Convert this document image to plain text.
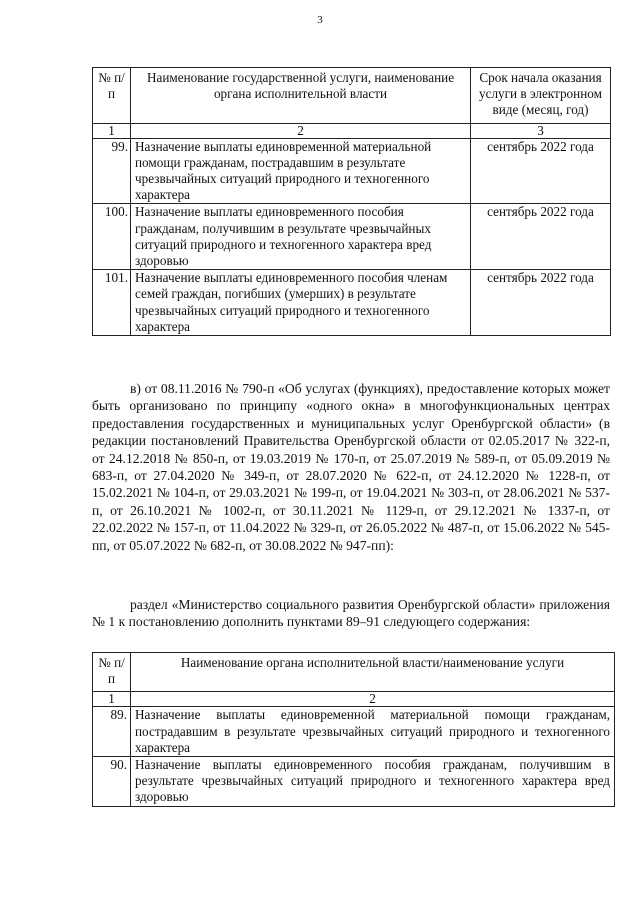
3
№ п/п	Наименование государственной услуги, наименование органа исполнительной власти	Срок начала оказания услуги в электронном виде (месяц, год)
1	2	3
99.	Назначение выплаты единовременной материальной помощи гражданам, пострадавшим в результате чрезвычайных ситуаций природного и техногенного характера	сентябрь 2022 года
100.	Назначение выплаты единовременного пособия гражданам, получившим в результате чрезвычайных ситуаций природного и техногенного характера вред здоровью	сентябрь 2022 года
101.	Назначение выплаты единовременного пособия членам семей граждан, погибших (умерших) в результате чрезвычайных ситуаций природного и техногенного характера	сентябрь 2022 года
в) от 08.11.2016 № 790-п «Об услугах (функциях), предоставление которых может быть организовано по принципу «одного окна» в многофункциональных центрах предоставления государственных и муниципальных услуг Оренбургской области» (в редакции постановлений Правительства Оренбургской области от 02.05.2017 № 322-п, от 24.12.2018 № 850-п, от 19.03.2019 № 170-п, от 25.07.2019 № 589-п, от 05.09.2019 № 683-п, от 27.04.2020 № 349-п, от 28.07.2020 № 622-п, от 24.12.2020 № 1228-п, от 15.02.2021 № 104-п, от 29.03.2021 № 199-п, от 19.04.2021 № 303-п, от 28.06.2021 № 537-п, от 26.10.2021 № 1002-п, от 30.11.2021 № 1129-п, от 29.12.2021 № 1337-п, от 22.02.2022 № 157-п, от 11.04.2022 № 329-п, от 26.05.2022 № 487-п, от 15.06.2022 № 545-пп, от 05.07.2022 № 682-п, от 30.08.2022 № 947-пп):
раздел «Министерство социального развития Оренбургской области» приложения № 1 к постановлению дополнить пунктами 89–91 следующего содержания:
№ п/п	Наименование органа исполнительной власти/наименование услуги
1	2
89.	Назначение выплаты единовременной материальной помощи гражданам, пострадавшим в результате чрезвычайных ситуаций природного и техногенного характера
90.	Назначение выплаты единовременного пособия гражданам, получившим в результате чрезвычайных ситуаций природного и техногенного характера вред здоровью
